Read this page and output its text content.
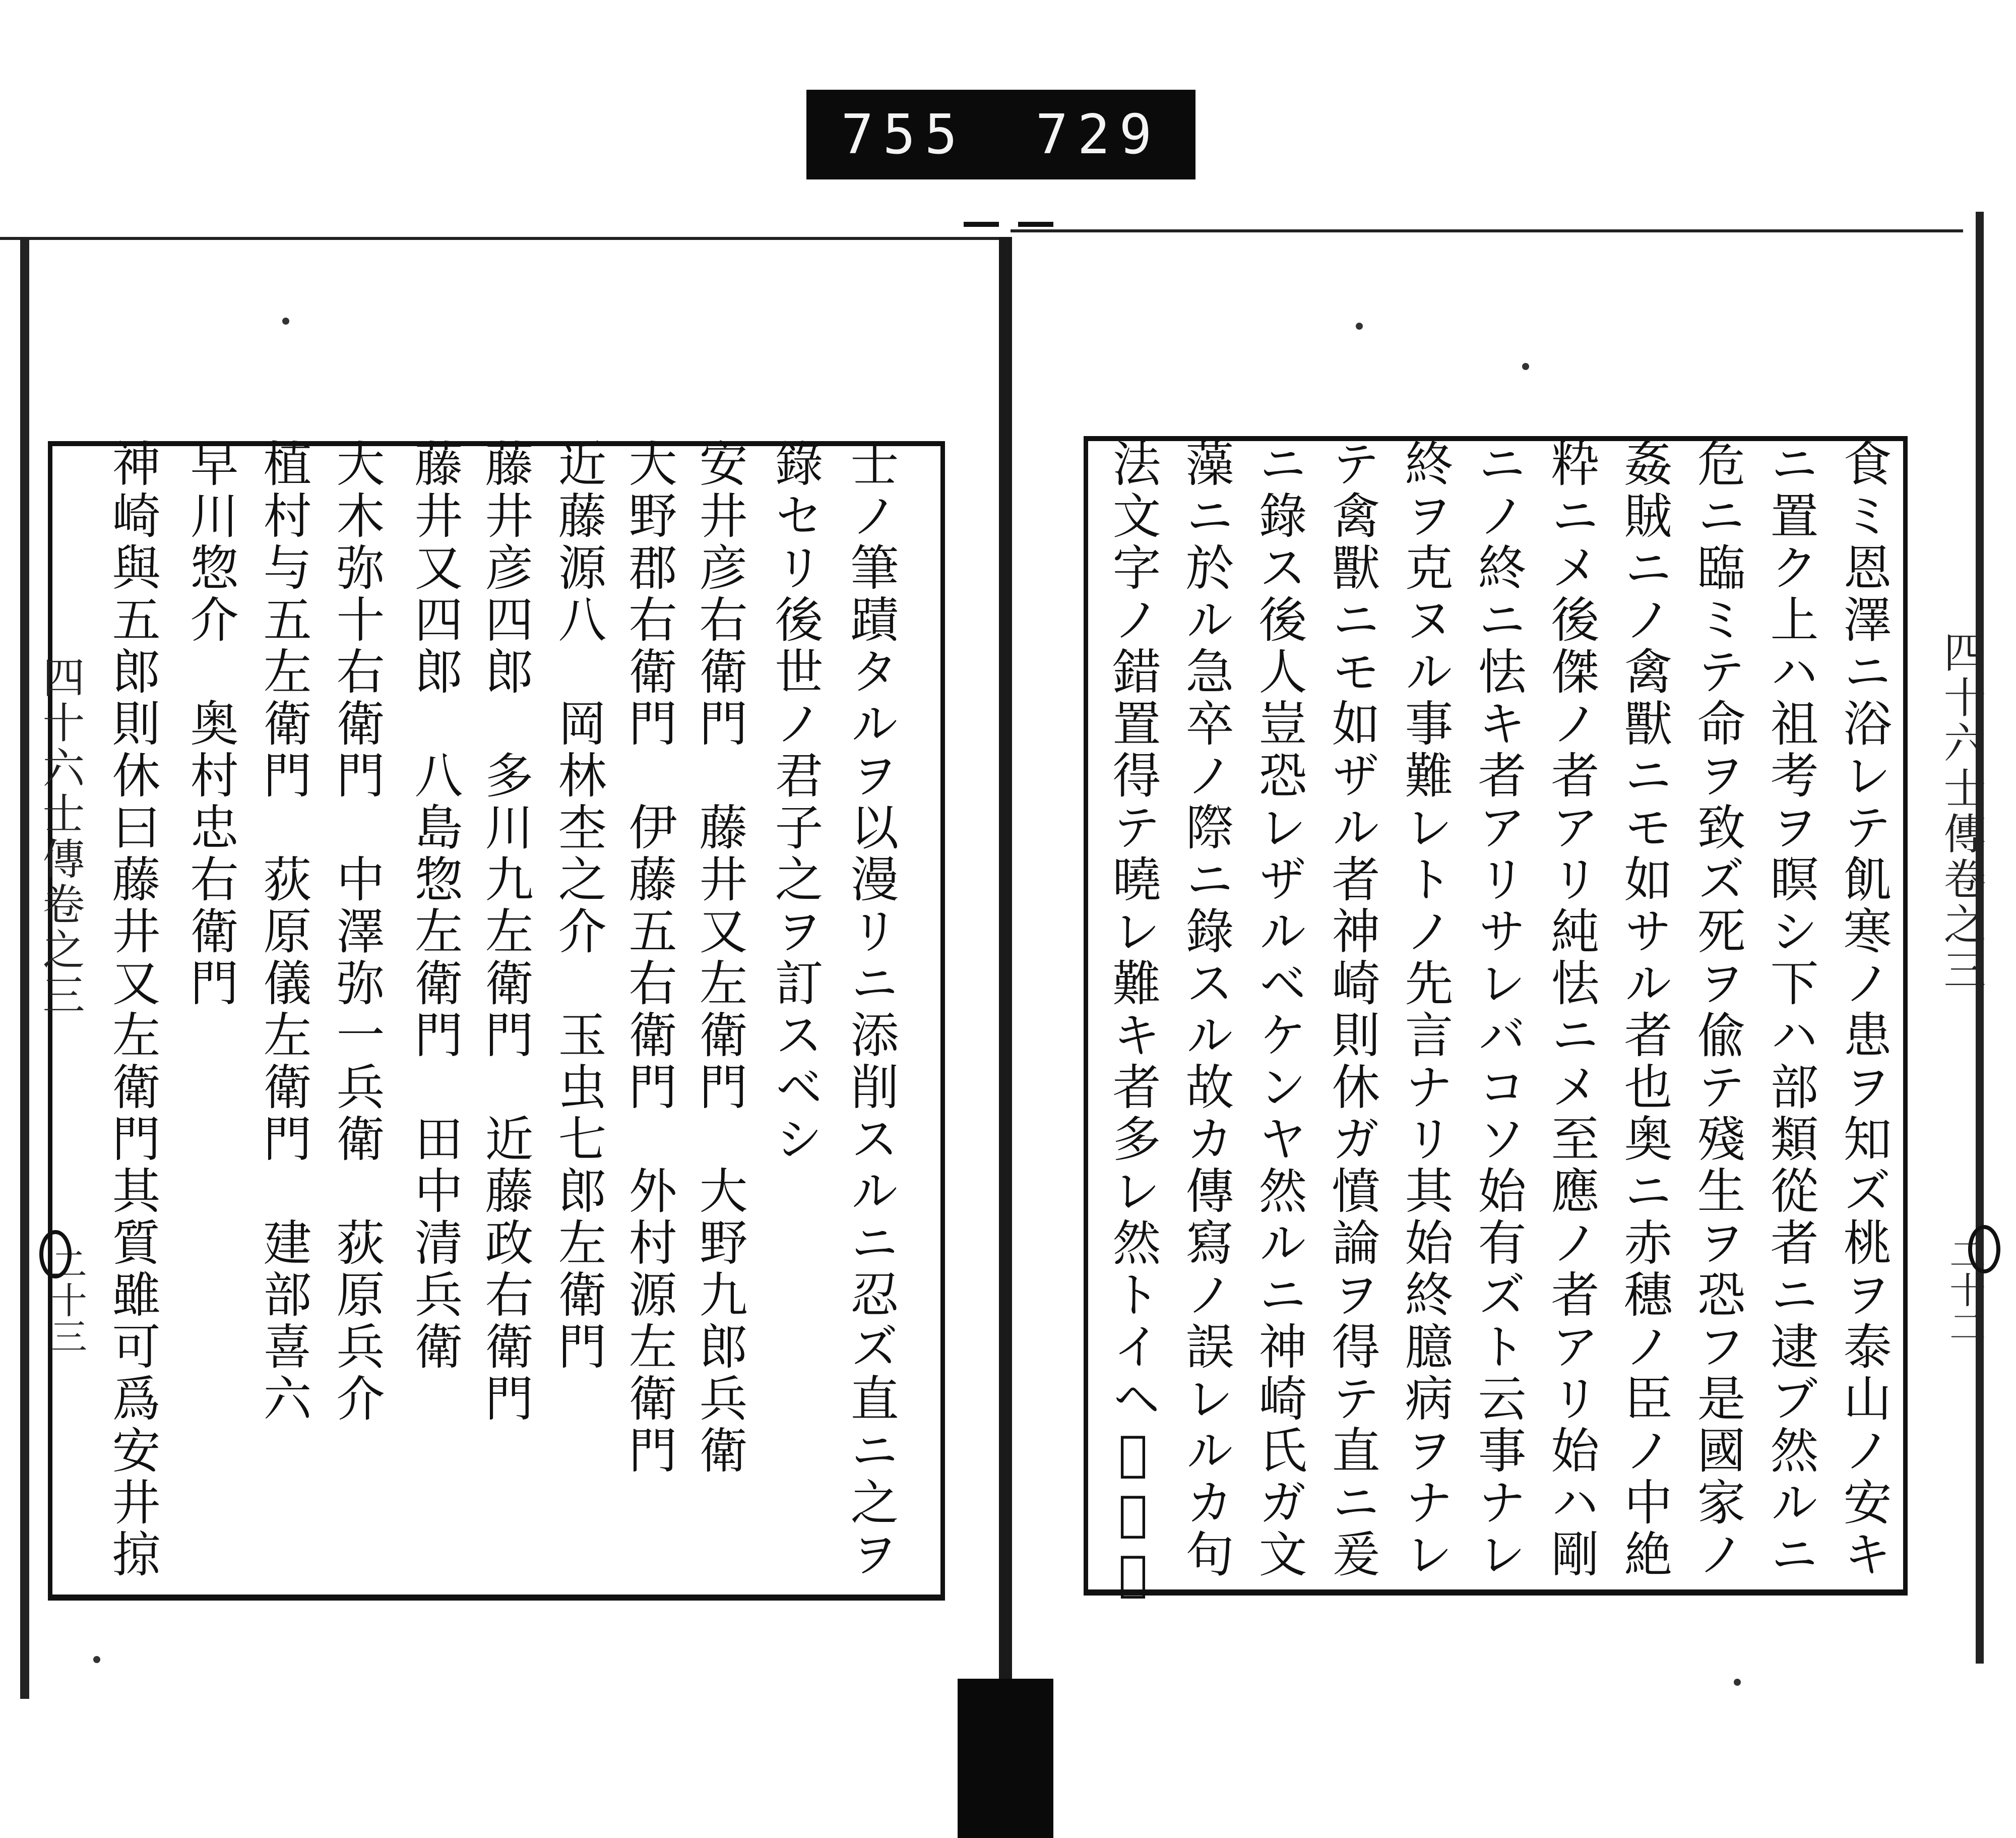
755 729
四十六士傳卷之三
二十二
食ミ恩澤ニ浴レテ飢寒ノ患ヲ知ズ桃ヲ泰山ノ安キ
ニ置ク上ハ祖考ヲ瞑シ下ハ部類從者ニ逮ブ然ルニ
危ニ臨ミテ命ヲ致ズ死ヲ偸テ殘生ヲ恐フ是國家ノ
姦賊ニノ禽獸ニモ如サル者也奥ニ赤穗ノ臣ノ中絶
粋ニメ後傑ノ者アリ純怯ニメ至應ノ者アリ始ハ剛
ニノ終ニ怯キ者アリサレバコソ始有ズト云事ナレ
終ヲ克ヌル事難レトノ先言ナリ其始終臆病ヲナレ
テ禽獸ニモ如ザル者神崎則休ガ憤論ヲ得テ直ニ爰
ニ錄ス後人豈恐レザルベケンヤ然ルニ神崎氏ガ文
藻ニ於ル急卒ノ際ニ錄スル故カ傳寫ノ誤レルカ句
法文字ノ錯置得テ曉レ難キ者多レ然トイヘ𪜈僴義
四十六士傳卷之三
二十三	士ノ筆蹟タルヲ以漫リニ添削スルニ忍ズ直ニ之ヲ
錄セリ後世ノ君子之ヲ訂スベシ
安井彦右衛門　藤井又左衛門　大野九郎兵衛
大野郡右衛門　伊藤五右衛門　外村源左衛門
近藤源八　岡林杢之介　玉虫七郎左衛門
藤井彦四郎　多川九左衛門　近藤政右衛門
藤井又四郎　八島惣左衛門　田中清兵衛
大木弥十右衛門　中澤弥一兵衛　荻原兵介
植村与五左衛門　荻原儀左衛門　建部喜六
早川惣介　奥村忠右衛門
神崎與五郎則休曰藤井又左衛門其質雖可爲安井掠
